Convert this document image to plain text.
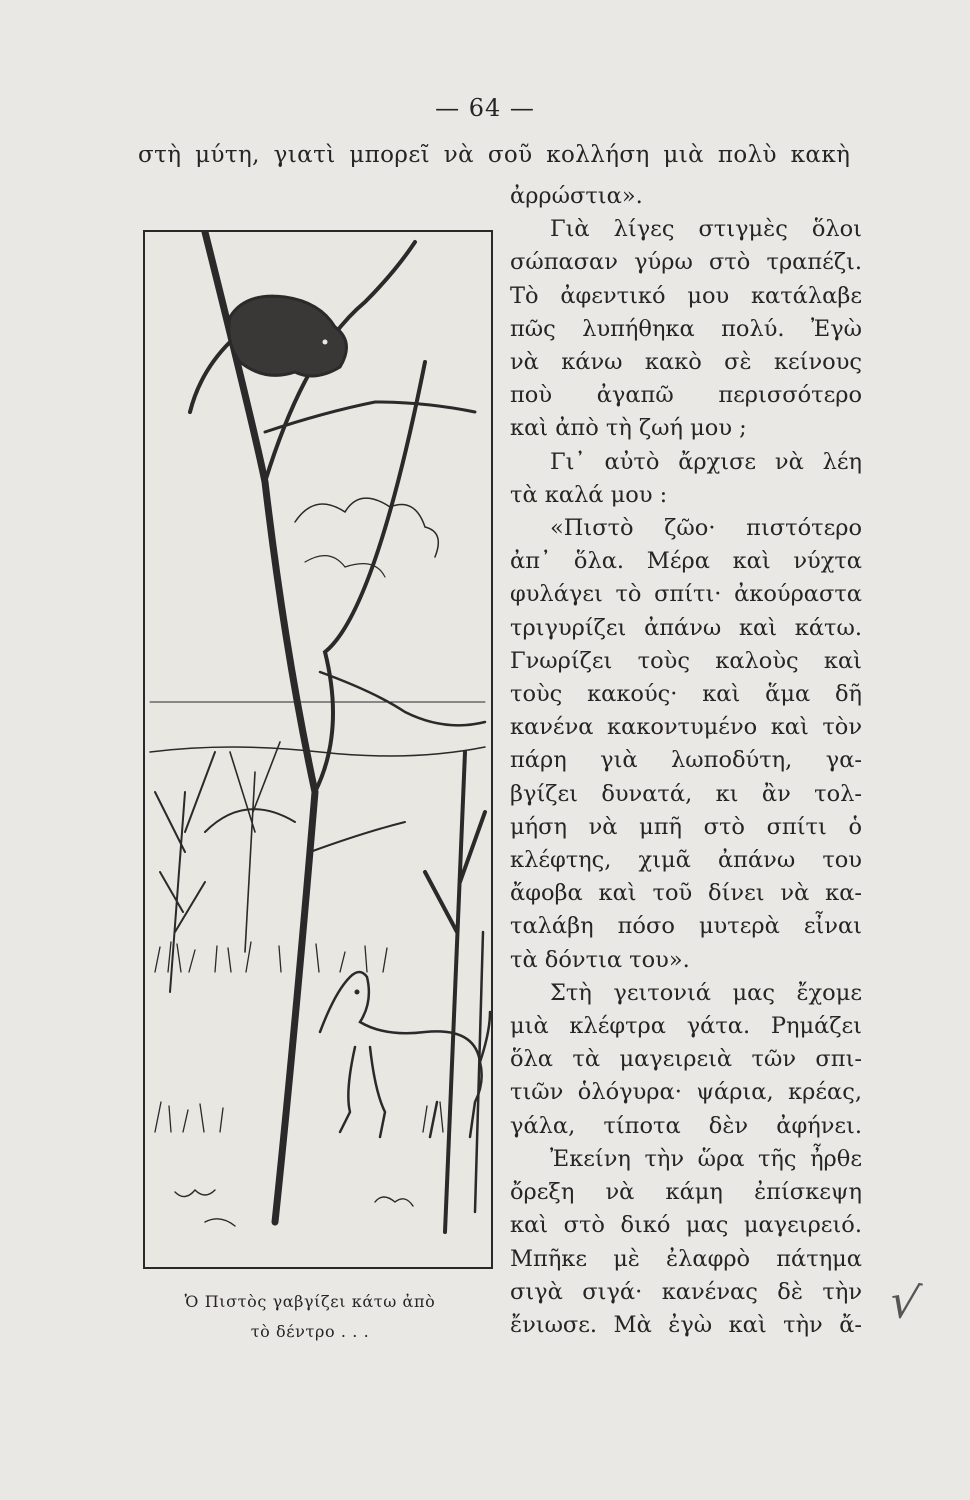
— 64 —
στὴ μύτη, γιατὶ μπορεῖ νὰ σοῦ κολλήση μιὰ πολὺ κακὴ
ἀρρώστια».
Γιὰ λίγες στιγμὲς ὅλοι
σώπασαν γύρω στὸ τραπέζι.
Τὸ ἀφεντικό μου κατάλαβε
πῶς λυπήθηκα πολύ. Ἐγὼ
νὰ κάνω κακὸ σὲ κείνους
ποὺ ἀγαπῶ περισσότερο
καὶ ἀπὸ τὴ ζωή μου ;
Γι᾽ αὐτὸ ἄρχισε νὰ λέη
τὰ καλά μου :
«Πιστὸ ζῶο· πιστότερο
ἀπ᾽ ὅλα. Μέρα καὶ νύχτα
φυλάγει τὸ σπίτι· ἀκούραστα
τριγυρίζει ἀπάνω καὶ κάτω.
Γνωρίζει τοὺς καλοὺς καὶ
τοὺς κακούς· καὶ ἅμα δῆ
κανένα κακοντυμένο καὶ τὸν
πάρη γιὰ λωποδύτη, γα-
βγίζει δυνατά, κι ἂν τολ-
μήση νὰ μπῆ στὸ σπίτι ὁ
κλέφτης, χιμᾶ ἀπάνω του
ἄφοβα καὶ τοῦ δίνει νὰ κα-
ταλάβη πόσο μυτερὰ εἶναι
τὰ δόντια του».
Στὴ γειτονιά μας ἔχομε
μιὰ κλέφτρα γάτα. Ρημάζει
ὅλα τὰ μαγειρειὰ τῶν σπι-
τιῶν ὁλόγυρα· ψάρια, κρέας,
γάλα, τίποτα δὲν ἀφήνει.
Ἐκείνη τὴν ὥρα τῆς ἦρθε
ὄρεξη νὰ κάμη ἐπίσκεψη
καὶ στὸ δικό μας μαγειρειό.
Μπῆκε μὲ ἐλαφρὸ πάτημα
σιγὰ σιγά· κανένας δὲ τὴν
ἔνιωσε. Μὰ ἐγὼ καὶ τὴν ἄ-
Ὁ Πιστὸς γαβγίζει κάτω ἀπὸ
τὸ δέντρο . . .
√
